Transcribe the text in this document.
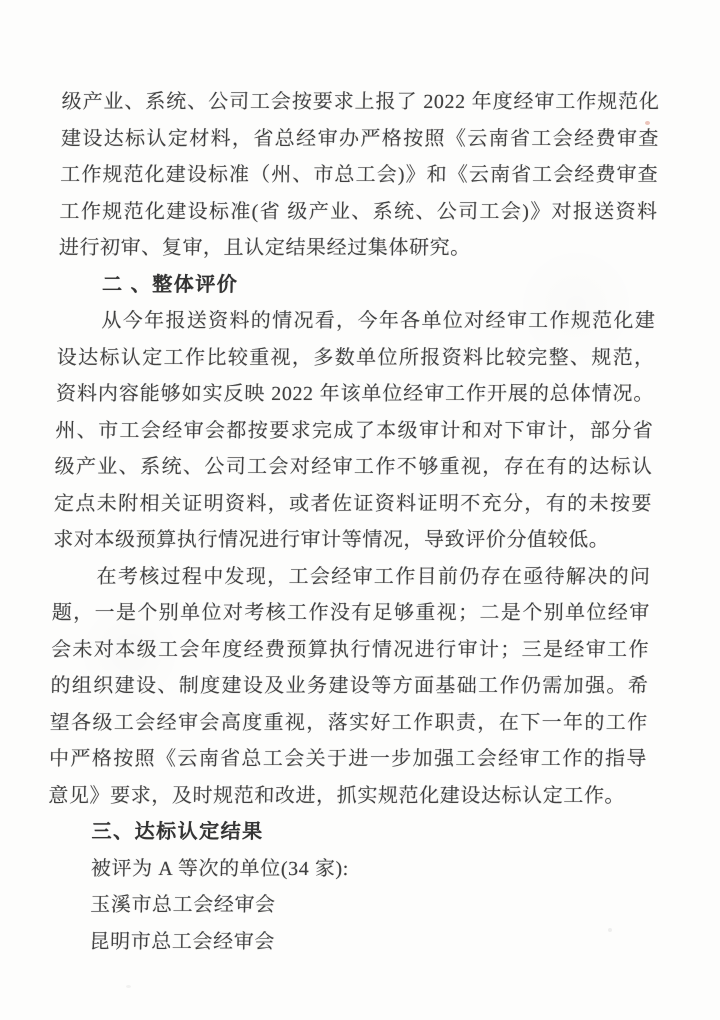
级产业、系统、公司工会按要求上报了 2022 年度经审工作规范化
建设达标认定材料，省总经审办严格按照《云南省工会经费审查
工作规范化建设标准（州、市总工会)》和《云南省工会经费审查
工作规范化建设标准(省 级产业、系统、公司工会)》对报送资料
进行初审、复审，且认定结果经过集体研究。
二 、整体评价
从今年报送资料的情况看，今年各单位对经审工作规范化建
设达标认定工作比较重视，多数单位所报资料比较完整、规范，
资料内容能够如实反映 2022 年该单位经审工作开展的总体情况。
州、市工会经审会都按要求完成了本级审计和对下审计，部分省
级产业、系统、公司工会对经审工作不够重视，存在有的达标认
定点未附相关证明资料，或者佐证资料证明不充分，有的未按要
求对本级预算执行情况进行审计等情况，导致评价分值较低。
在考核过程中发现，工会经审工作目前仍存在亟待解决的问
题，一是个别单位对考核工作没有足够重视；二是个别单位经审
会未对本级工会年度经费预算执行情况进行审计；三是经审工作
的组织建设、制度建设及业务建设等方面基础工作仍需加强。希
望各级工会经审会高度重视，落实好工作职责，在下一年的工作
中严格按照《云南省总工会关于进一步加强工会经审工作的指导
意见》要求，及时规范和改进，抓实规范化建设达标认定工作。
三、达标认定结果
被评为 A 等次的单位(34 家):
玉溪市总工会经审会
昆明市总工会经审会
